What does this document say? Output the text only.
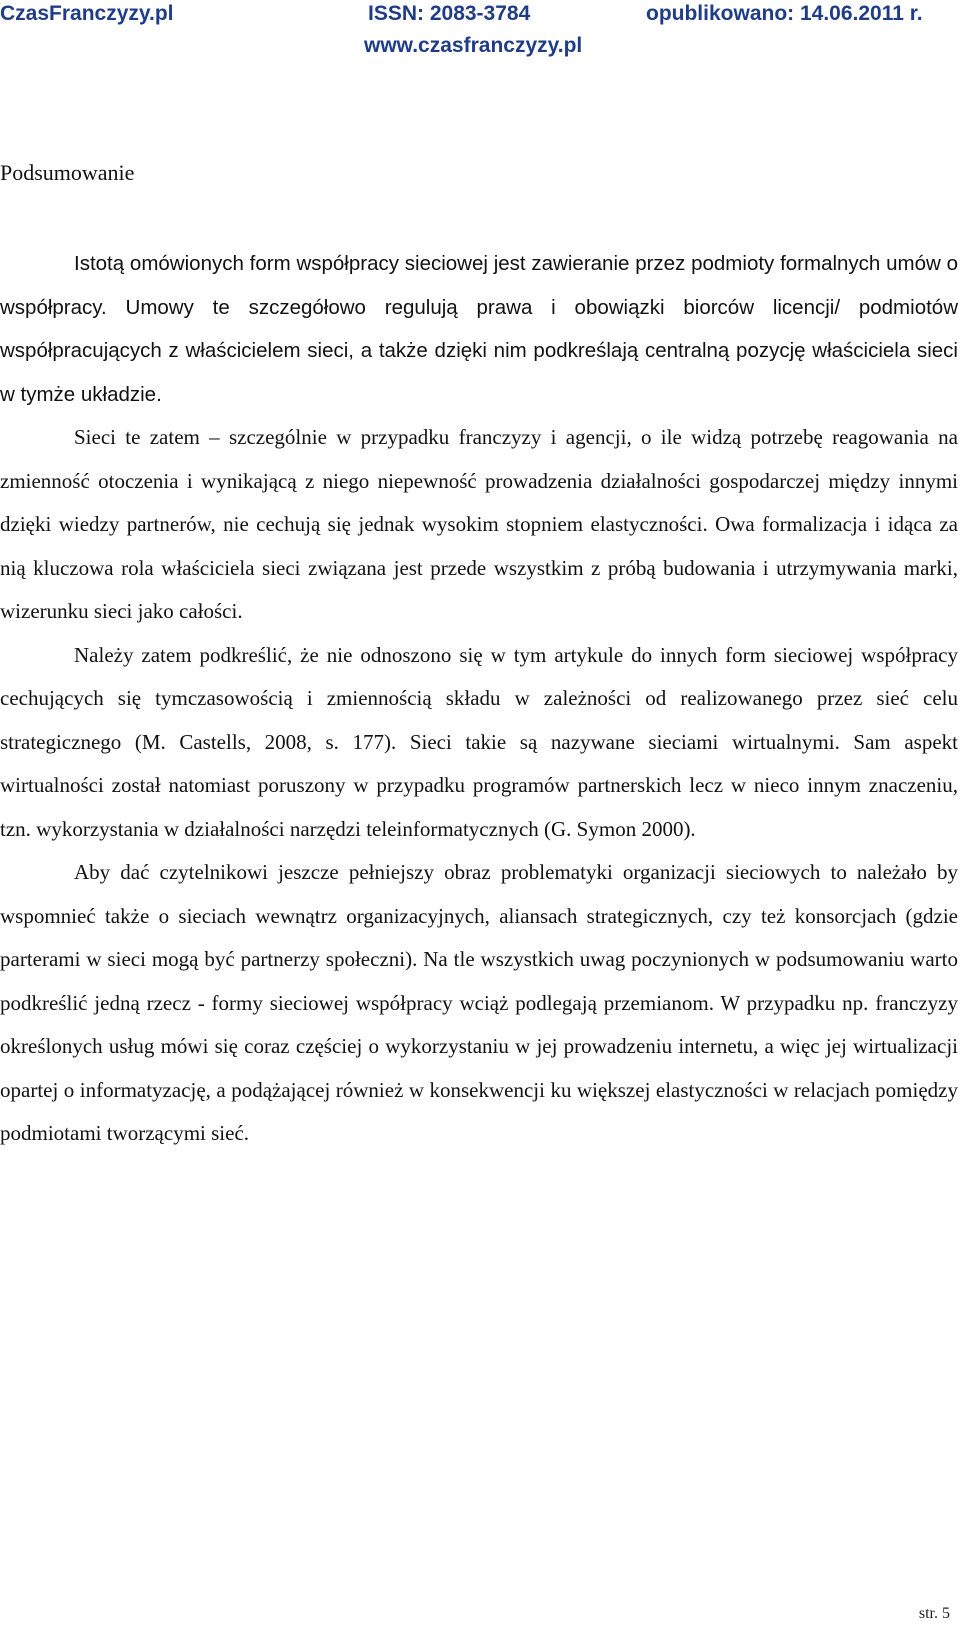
CzasFranczyzy.pl	ISSN: 2083-3784	opublikowano: 14.06.2011 r.
www.czasfranczyzy.pl
Podsumowanie

Istotą omówionych form współpracy sieciowej jest zawieranie przez podmioty formalnych umów o współpracy. Umowy te szczegółowo regulują prawa i obowiązki biorców licencji/ podmiotów współpracujących z właścicielem sieci, a także dzięki nim podkreślają centralną pozycję właściciela sieci w tymże układzie.

Sieci te zatem – szczególnie w przypadku franczyzy i agencji, o ile widzą potrzebę reagowania na zmienność otoczenia i wynikającą z niego niepewność prowadzenia działalności gospodarczej między innymi dzięki wiedzy partnerów, nie cechują się jednak wysokim stopniem elastyczności. Owa formalizacja i idąca za nią kluczowa rola właściciela sieci związana jest przede wszystkim z próbą budowania i utrzymywania marki, wizerunku sieci jako całości.

Należy zatem podkreślić, że nie odnoszono się w tym artykule do innych form sieciowej współpracy cechujących się tymczasowością i zmiennością składu w zależności od realizowanego przez sieć celu strategicznego (M. Castells, 2008, s. 177). Sieci takie są nazywane sieciami wirtualnymi. Sam aspekt wirtualności został natomiast poruszony w przypadku programów partnerskich lecz w nieco innym znaczeniu, tzn. wykorzystania w działalności narzędzi teleinformatycznych (G. Symon 2000).

Aby dać czytelnikowi jeszcze pełniejszy obraz problematyki organizacji sieciowych to należało by wspomnieć także o sieciach wewnątrz organizacyjnych, aliansach strategicznych, czy też konsorcjach (gdzie parterami w sieci mogą być partnerzy społeczni). Na tle wszystkich uwag poczynionych w podsumowaniu warto podkreślić jedną rzecz - formy sieciowej współpracy wciąż podlegają przemianom. W przypadku np. franczyzy określonych usług mówi się coraz częściej o wykorzystaniu w jej prowadzeniu internetu, a więc jej wirtualizacji opartej o informatyzację, a podążającej również w konsekwencji ku większej elastyczności w relacjach pomiędzy podmiotami tworzącymi sieć.

str. 5
